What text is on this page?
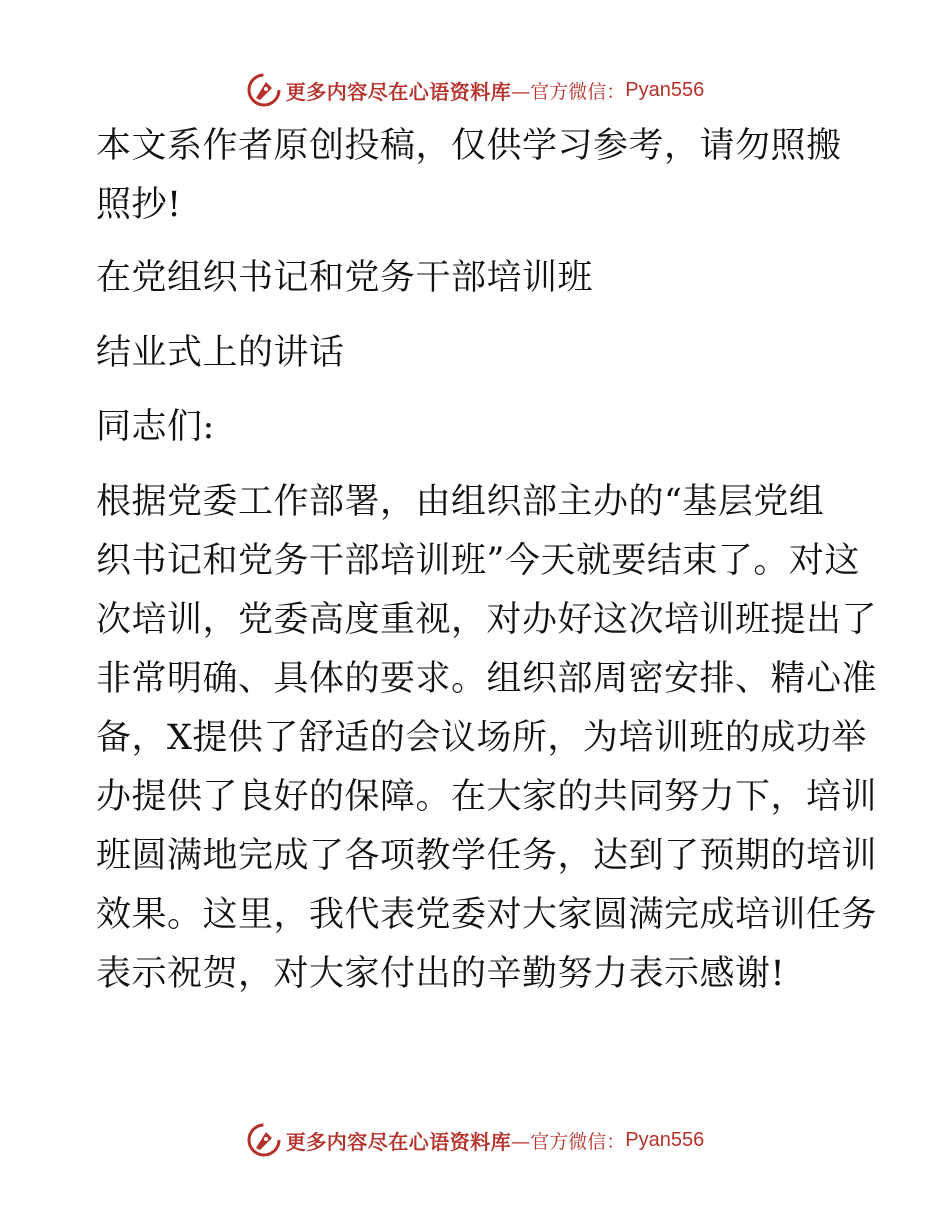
更多内容尽在心语资料库 —官方微信： Pyan556
本文系作者原创投稿，仅供学习参考，请勿照搬
照抄!
在党组织书记和党务干部培训班
结业式上的讲话
同志们:
根据党委工作部署，由组织部主办的“基层党组
织书记和党务干部培训班”今天就要结束了。对这
次培训，党委高度重视，对办好这次培训班提出了
非常明确、具体的要求。组织部周密安排、精心准
备，X提供了舒适的会议场所，为培训班的成功举
办提供了良好的保障。在大家的共同努力下，培训
班圆满地完成了各项教学任务，达到了预期的培训
效果。这里，我代表党委对大家圆满完成培训任务
表示祝贺，对大家付出的辛勤努力表示感谢!
更多内容尽在心语资料库 —官方微信： Pyan556
